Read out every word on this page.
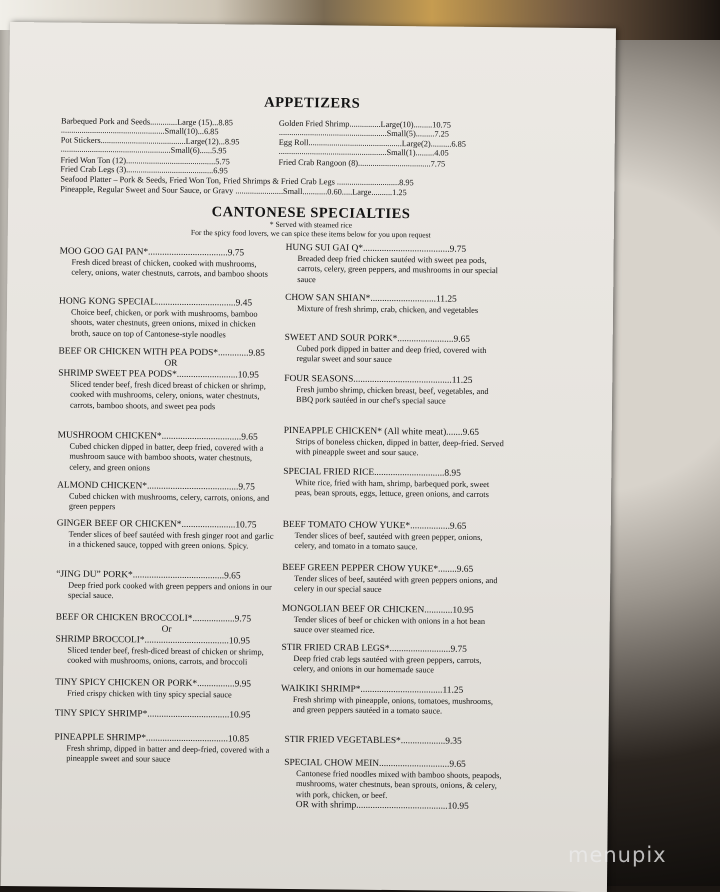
APPETIZERS
Barbequed Pork and Seeds.............Large (15)...8.85
..................................................Small(10)...6.85
Pot Stickers.........................................Large(12)...8.95
.....................................................Small(6)......5.95
Fried Won Ton (12)...........................................5.75
Fried Crab Legs (3)..........................................6.95
Golden Fried Shrimp...............Large(10).........10.75
....................................................Small(5).........7.25
Egg Roll.............................................Large(2)..........6.85
....................................................Small(1).........4.05
Fried Crab Rangoon (8)...................................7.75
Seafood Platter – Pork & Seeds, Fried Won Ton, Fried Shrimps & Fried Crab Legs ..............................8.95
Pineapple, Regular Sweet and Sour Sauce, or Gravy .......................Small............0.60.....Large..........1.25
CANTONESE SPECIALTIES
* Served with steamed rice
For the spicy food lovers, we can spice these items below for you upon request
MOO GOO GAI PAN*..................................9.75
Fresh diced breast of chicken, cooked with mushrooms, celery, onions, water chestnuts, carrots, and bamboo shoots
HONG KONG SPECIAL..................................9.45
Choice beef, chicken, or pork with mushrooms, bamboo shoots, water chestnuts, green onions, mixed in chicken broth, sauce on top of Cantonese-style noodles
BEEF OR CHICKEN WITH PEA PODS*.............9.85
OR
SHRIMP SWEET PEA PODS*..........................10.95
Sliced tender beef, fresh diced breast of chicken or shrimp, cooked with mushrooms, celery, onions, water chestnuts, carrots, bamboo shoots, and sweet pea pods
MUSHROOM CHICKEN*..................................9.65
Cubed chicken dipped in batter, deep fried, covered with a mushroom sauce with bamboo shoots, water chestnuts, celery, and green onions
ALMOND CHICKEN*.......................................9.75
Cubed chicken with mushrooms, celery, carrots, onions, and green peppers
GINGER BEEF OR CHICKEN*.......................10.75
Tender slices of beef sautéed with fresh ginger root and garlic in a thickened sauce, topped with green onions. Spicy.
“JING DU” PORK*.......................................9.65
Deep fried pork cooked with green peppers and onions in our special sauce.
BEEF OR CHICKEN BROCCOLI*..................9.75
Or
SHRIMP BROCCOLI*....................................10.95
Sliced tender beef, fresh-diced breast of chicken or shrimp, cooked with mushrooms, onions, carrots, and broccoli
TINY SPICY CHICKEN OR PORK*................9.95
Fried crispy chicken with tiny spicy special sauce
TINY SPICY SHRIMP*...................................10.95
PINEAPPLE SHRIMP*...................................10.85
Fresh shrimp, dipped in batter and deep-fried, covered with a pineapple sweet and sour sauce
HUNG SUI GAI Q*.....................................9.75
Breaded deep fried chicken sautéed with sweet pea pods, carrots, celery, green peppers, and mushrooms in our special sauce
CHOW SAN SHIAN*............................11.25
Mixture of fresh shrimp, crab, chicken, and vegetables
SWEET AND SOUR PORK*........................9.65
Cubed pork dipped in batter and deep fried, covered with regular sweet and sour sauce
FOUR SEASONS..........................................11.25
Fresh jumbo shrimp, chicken breast, beef, vegetables, and BBQ pork sautéed in our chef's special sauce
PINEAPPLE CHICKEN* (All white meat).......9.65
Strips of boneless chicken, dipped in batter, deep-fried. Served with pineapple sweet and sour sauce.
SPECIAL FRIED RICE..............................8.95
White rice, fried with ham, shrimp, barbequed pork, sweet peas, bean sprouts, eggs, lettuce, green onions, and carrots
BEEF TOMATO CHOW YUKE*.................9.65
Tender slices of beef, sautéed with green pepper, onions, celery, and tomato in a tomato sauce.
BEEF GREEN PEPPER CHOW YUKE*........9.65
Tender slices of beef, sautéed with green peppers onions, and celery in our special sauce
MONGOLIAN BEEF OR CHICKEN............10.95
Tender slices of beef or chicken with onions in a hot bean sauce over steamed rice.
STIR FRIED CRAB LEGS*..........................9.75
Deep fried crab legs sautéed with green peppers, carrots, celery, and onions in our homemade sauce
WAIKIKI SHRIMP*...................................11.25
Fresh shrimp with pineapple, onions, tomatoes, mushrooms, and green peppers sautéed in a tomato sauce.
STIR FRIED VEGETABLES*...................9.35
SPECIAL CHOW MEIN..............................9.65
Cantonese fried noodles mixed with bamboo shoots, peapods, mushrooms, water chestnuts, bean sprouts, onions, & celery, with pork, chicken, or beef.
OR with shrimp.......................................10.95
menupix
